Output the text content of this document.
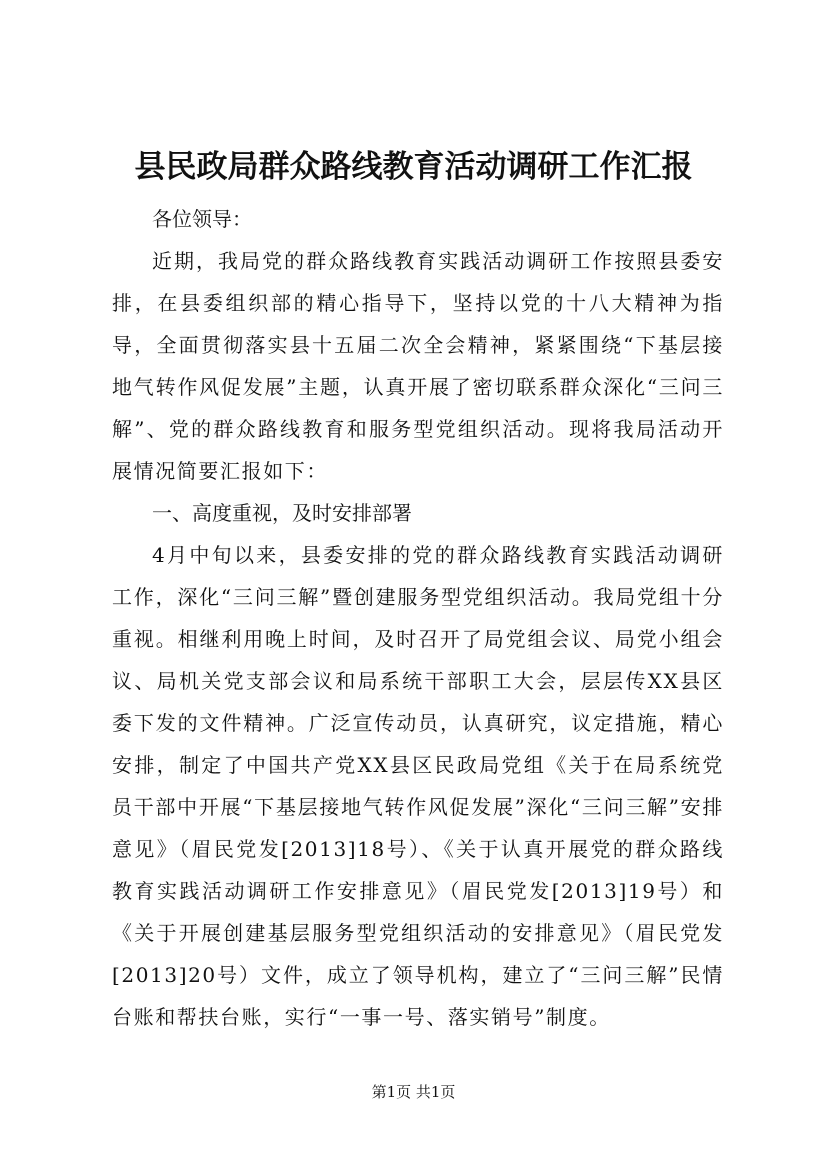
县民政局群众路线教育活动调研工作汇报

各位领导：

近期，我局党的群众路线教育实践活动调研工作按照县委安排，在县委组织部的精心指导下，坚持以党的十八大精神为指导，全面贯彻落实县十五届二次全会精神，紧紧围绕“下基层接地气转作风促发展”主题，认真开展了密切联系群众深化“三问三解”、党的群众路线教育和服务型党组织活动。现将我局活动开展情况简要汇报如下：

一、高度重视，及时安排部署

4月中旬以来，县委安排的党的群众路线教育实践活动调研工作，深化“三问三解”暨创建服务型党组织活动。我局党组十分重视。相继利用晚上时间，及时召开了局党组会议、局党小组会议、局机关党支部会议和局系统干部职工大会，层层传XX县区委下发的文件精神。广泛宣传动员，认真研究，议定措施，精心安排，制定了中国共产党XX县区民政局党组《关于在局系统党员干部中开展“下基层接地气转作风促发展”深化“三问三解”安排意见》（眉民党发[2013]18号）、《关于认真开展党的群众路线教育实践活动调研工作安排意见》（眉民党发[2013]19号）和《关于开展创建基层服务型党组织活动的安排意见》（眉民党发[2013]20号）文件，成立了领导机构，建立了“三问三解”民情台账和帮扶台账，实行“一事一号、落实销号”制度。

第1页 共1页
